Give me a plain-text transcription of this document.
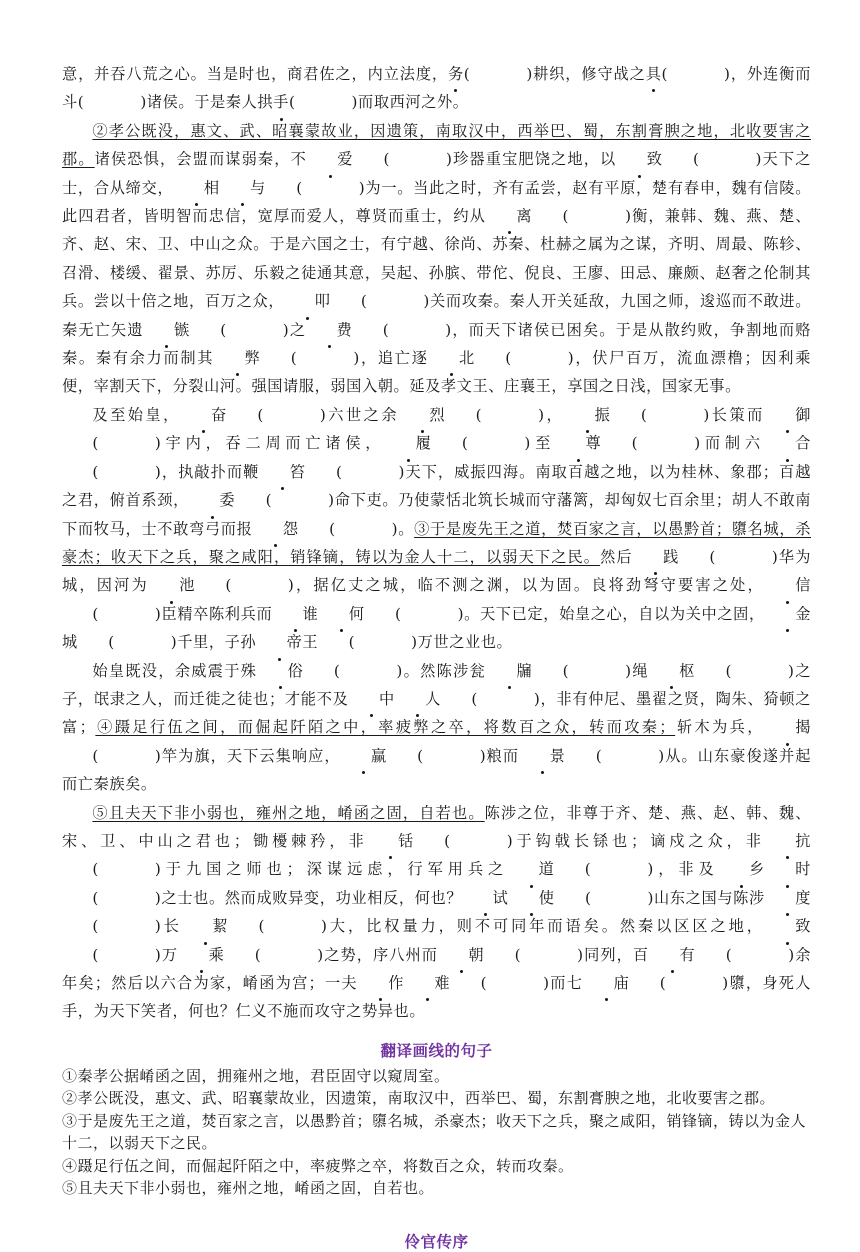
意，并吞八荒之心。当是时也，商君佐之，内立法度，务(	)耕织，修守战之具(	)，外连衡而斗(	)诸侯。于是秦人拱手(	)而取西河之外。

②孝公既没，惠文、武、昭襄蒙故业，因遗策，南取汉中，西举巴、蜀，东割膏腴之地，北收要害之郡。诸侯恐惧，会盟而谋弱秦，不 爱 (	)珍器重宝肥饶之地，以 致 (	)天下之士，合从缔交， 相 与 (	)为一。当此之时，齐有孟尝，赵有平原，楚有春申，魏有信陵。此四君者，皆明智而忠信，宽厚而爱人，尊贤而重士，约从 离 (	)衡，兼韩、魏、燕、楚、齐、赵、宋、卫、中山之众。于是六国之士，有宁越、徐尚、苏秦、杜赫之属为之谋，齐明、周最、陈轸、召滑、楼缓、翟景、苏厉、乐毅之徒通其意，吴起、孙膑、带佗、倪良、王廖、田忌、廉颇、赵奢之伦制其兵。尝以十倍之地，百万之众， 叩 (	)关而攻秦。秦人开关延敌，九国之师，逡巡而不敢进。秦无亡矢遗 镞 (	)之 费 (	)，而天下诸侯已困矣。于是从散约败，争割地而赂秦。秦有余力而制其 弊 (	)，追亡逐 北 (	)，伏尸百万，流血漂橹；因利乘便，宰割天下，分裂山河。强国请服，弱国入朝。延及孝文王、庄襄王，享国之日浅，国家无事。

及至始皇， 奋 (	)六世之余 烈 (	)， 振 (	)长策而 御(	)宇内，吞二周而亡诸侯， 履 (	)至 尊 (	)而制六 合(	)，执敲扑而鞭 笞 (	)天下，威振四海。南取百越之地，以为桂林、象郡；百越之君，俯首系颈， 委 (	)命下吏。乃使蒙恬北筑长城而守藩篱，却匈奴七百余里；胡人不敢南下而牧马，士不敢弯弓而报 怨 (	)。③于是废先王之道，焚百家之言，以愚黔首；隳名城，杀豪杰；收天下之兵，聚之咸阳，销锋镝，铸以为金人十二，以弱天下之民。然后 践 (	)华为城，因河为 池 (	)，据亿丈之城，临不测之渊，以为固。良将劲弩守要害之处， 信(	)臣精卒陈利兵而 谁 何 (	)。天下已定，始皇之心，自以为关中之固， 金城 (	)千里，子孙 帝王 (	)万世之业也。

始皇既没，余威震于殊 俗 (	)。然陈涉瓮 牖 (	)绳 枢 (	)之子，氓隶之人，而迁徙之徒也；才能不及 中 人 (	)，非有仲尼、墨翟之贤，陶朱、猗顿之富；④蹑足行伍之间，而倔起阡陌之中，率疲弊之卒，将数百之众，转而攻秦；斩木为兵， 揭(	)竿为旗，天下云集响应， 赢 (	)粮而 景 (	)从。山东豪俊遂并起而亡秦族矣。

⑤且夫天下非小弱也，雍州之地，崤函之固，自若也。陈涉之位，非尊于齐、楚、燕、赵、韩、魏、宋、卫、中山之君也；锄櫌棘矜，非 铦 (	)于钩戟长铩也；谪戍之众，非 抗(	)于九国之师也；深谋远虑，行军用兵之 道 (	)，非及 乡 时(	)之士也。然而成败异变，功业相反，何也？ 试 使 (	)山东之国与陈涉 度(	)长 絜 (	)大，比权量力，则不可同年而语矣。然秦以区区之地， 致(	)万 乘 (	)之势，序八州而 朝 (	)同列，百 有 (	)余年矣；然后以六合为家，崤函为宫；一夫 作 难 (	)而七 庙 (	)隳，身死人手，为天下笑者，何也？仁义不施而攻守之势异也。

翻译画线的句子

①秦孝公据崤函之固，拥雍州之地，君臣固守以窥周室。

②孝公既没，惠文、武、昭襄蒙故业，因遗策，南取汉中，西举巴、蜀，东割膏腴之地，北收要害之郡。

③于是废先王之道，焚百家之言，以愚黔首；隳名城，杀豪杰；收天下之兵，聚之咸阳，销锋镝，铸以为金人十二，以弱天下之民。

④蹑足行伍之间，而倔起阡陌之中，率疲弊之卒，将数百之众，转而攻秦。

⑤且夫天下非小弱也，雍州之地，崤函之固，自若也。

伶官传序
